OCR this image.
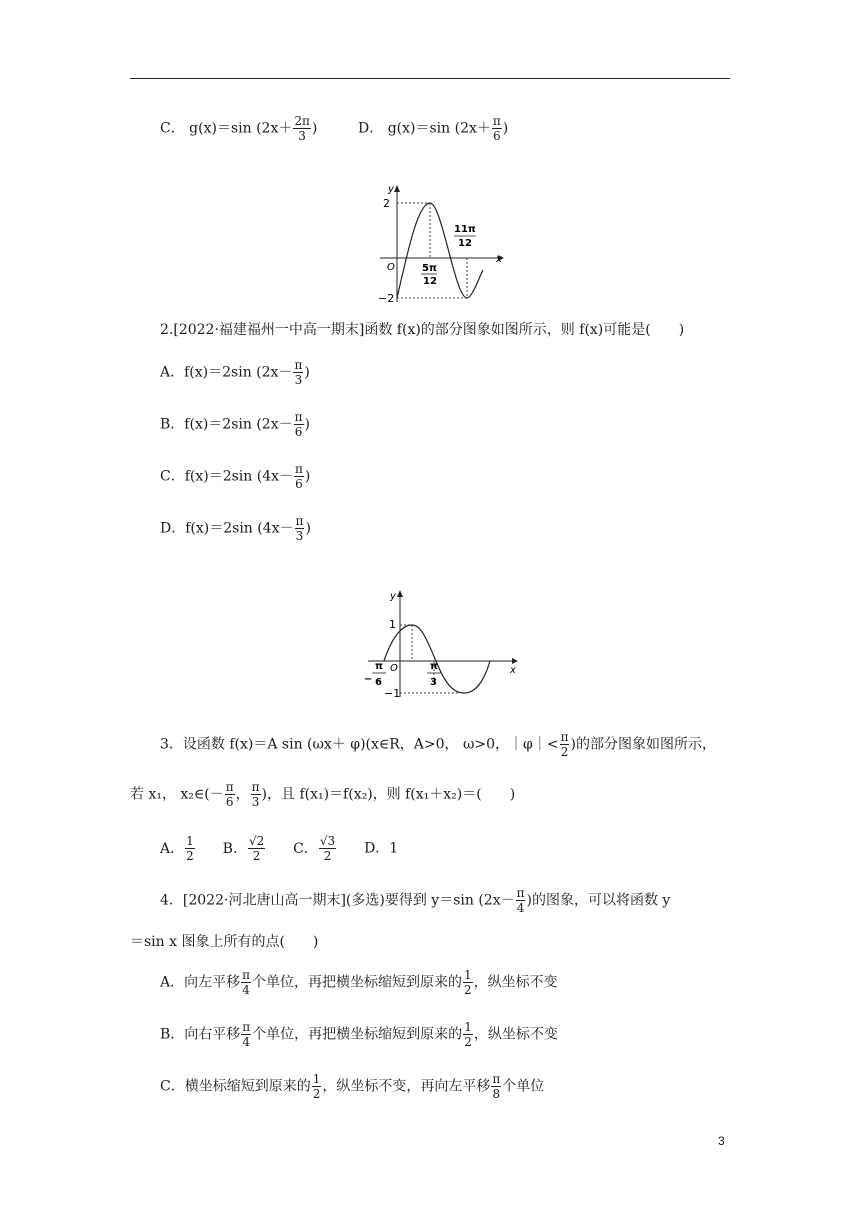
C． g(x)＝sin ($2x+ \frac{2\pi}{3}$ )	D． g(x)＝sin ($2x+ \frac{\pi}{6}$ )
y
x
O
2
−2
5π
12
11π
12
2.[2022·福建福州一中高一期末]函数 f(x)的部分图象如图所示，则 f(x)可能是(　　)
A．f(x)＝2sin ($2x- \frac{\pi}{3}$ )
B．f(x)＝2sin ($2x- \frac{\pi}{6}$ )
C．f(x)＝2sin ($4x- \frac{\pi}{6}$ )
D．f(x)＝2sin ($4x- \frac{\pi}{3}$ )
y
x
O
1
−1
−
π
6
π
3
3．设函数 f(x)＝A sin (ωx＋ φ)(x∈R，A>0， ω>0，｜φ｜< $\frac{\pi}{2}$ )的部分图象如图所示，
若 x₁， x₂∈(－ $\frac{\pi}{6}$ ， $\frac{\pi}{3}$ )，且 f(x₁)＝f(x₂)，则 f(x₁＋x₂)＝(　　)
A． $\frac{1}{2}$ B． $\frac{√2}{2}$ C． $\frac{√3}{2}$ D．1
4．[2022·河北唐山高一期末](多选)要得到 y＝sin ($2x- \frac{\pi}{4}$ )的图象，可以将函数 y
＝sin x 图象上所有的点(　　)
A．向左平移 $\frac{\pi}{4}$ 个单位，再把横坐标缩短到原来的 $\frac{1}{2}$ ，纵坐标不变
B．向右平移 $\frac{\pi}{4}$ 个单位，再把横坐标缩短到原来的 $\frac{1}{2}$ ，纵坐标不变
C．横坐标缩短到原来的 $\frac{1}{2}$ ，纵坐标不变，再向左平移 $\frac{\pi}{8}$ 个单位
3
